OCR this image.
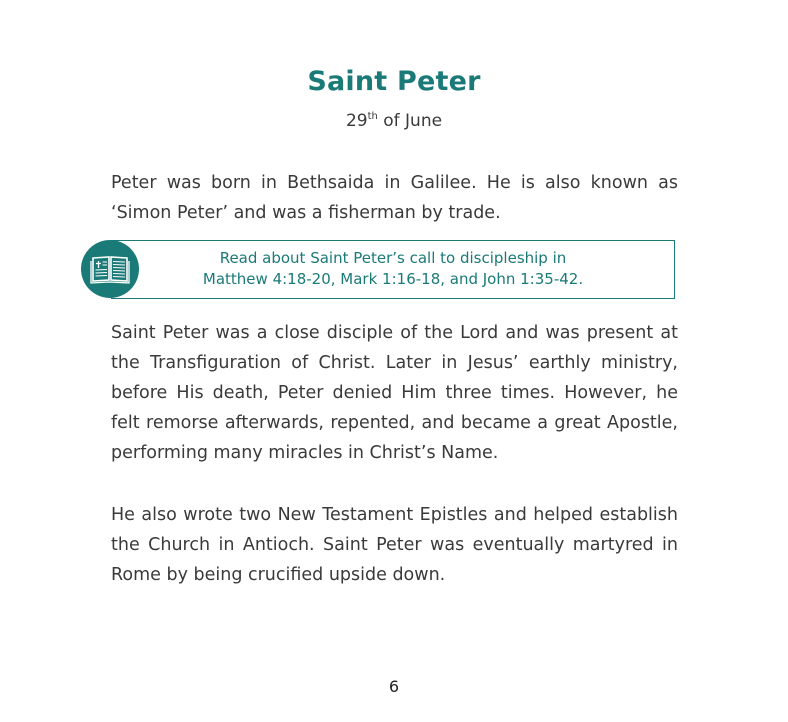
Saint Peter
29th of June

Peter was born in Bethsaida in Galilee. He is also known as ‘Simon Peter’ and was a fisherman by trade.

Read about Saint Peter’s call to discipleship in
Matthew 4:18-20, Mark 1:16-18, and John 1:35-42.

Saint Peter was a close disciple of the Lord and was present at the Transfiguration of Christ. Later in Jesus’ earthly ministry, before His death, Peter denied Him three times. However, he felt remorse afterwards, repented, and became a great Apostle, performing many miracles in Christ’s Name.

He also wrote two New Testament Epistles and helped establish the Church in Antioch. Saint Peter was eventually martyred in Rome by being crucified upside down.

6
